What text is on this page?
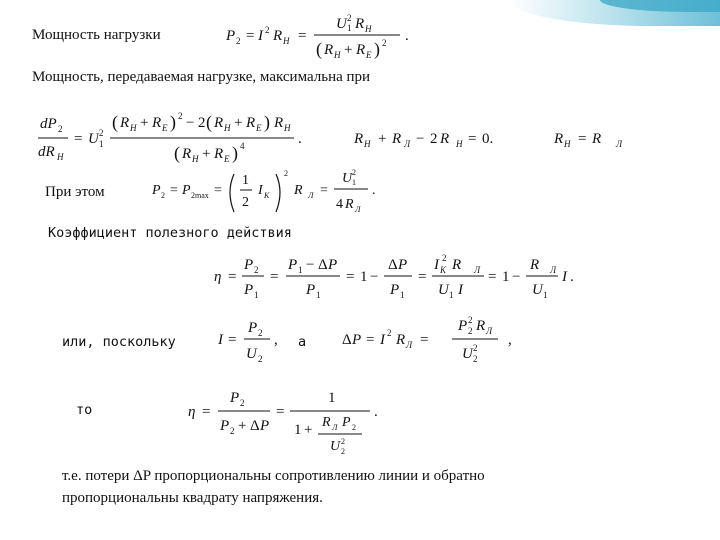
Мощность нагрузки
Мощность, передаваемая нагрузке, максимальна при
При этом
Коэффициент полезного действия
или, поскольку	а
то
т.е. потери ΔP пропорциональны сопротивлению линии и обратно
пропорциональны квадрату напряжения.
P 2 = I 2 R H =
U 2
1 R H
( R H + R E ) 2 .
dP 2
dR H
= U 2
1
( R H + R E ) 2 − 2 ( R H + R E ) R H
( R H + R E ) 4	.	R H + R Л − 2 R H = 0.	R H = R Л
P 2 = P 2max =
1
2
I К
2
R Л =
U 2
1
4 R Л
.
η =
P 2
P 1
=
P 1 − Δ P
P 1
= 1 −
Δ P
P 1
=
I К
2 R Л
U 1 I
= 1 −
R Л
U 1
I .
I =
P 2
U 2
,	Δ P = I 2 R Л =
P 2
2 R Л
U 2
2
,
η =
P 2
P 2 + Δ P
=
1
1 + R Л P 2
U 2
2
.
